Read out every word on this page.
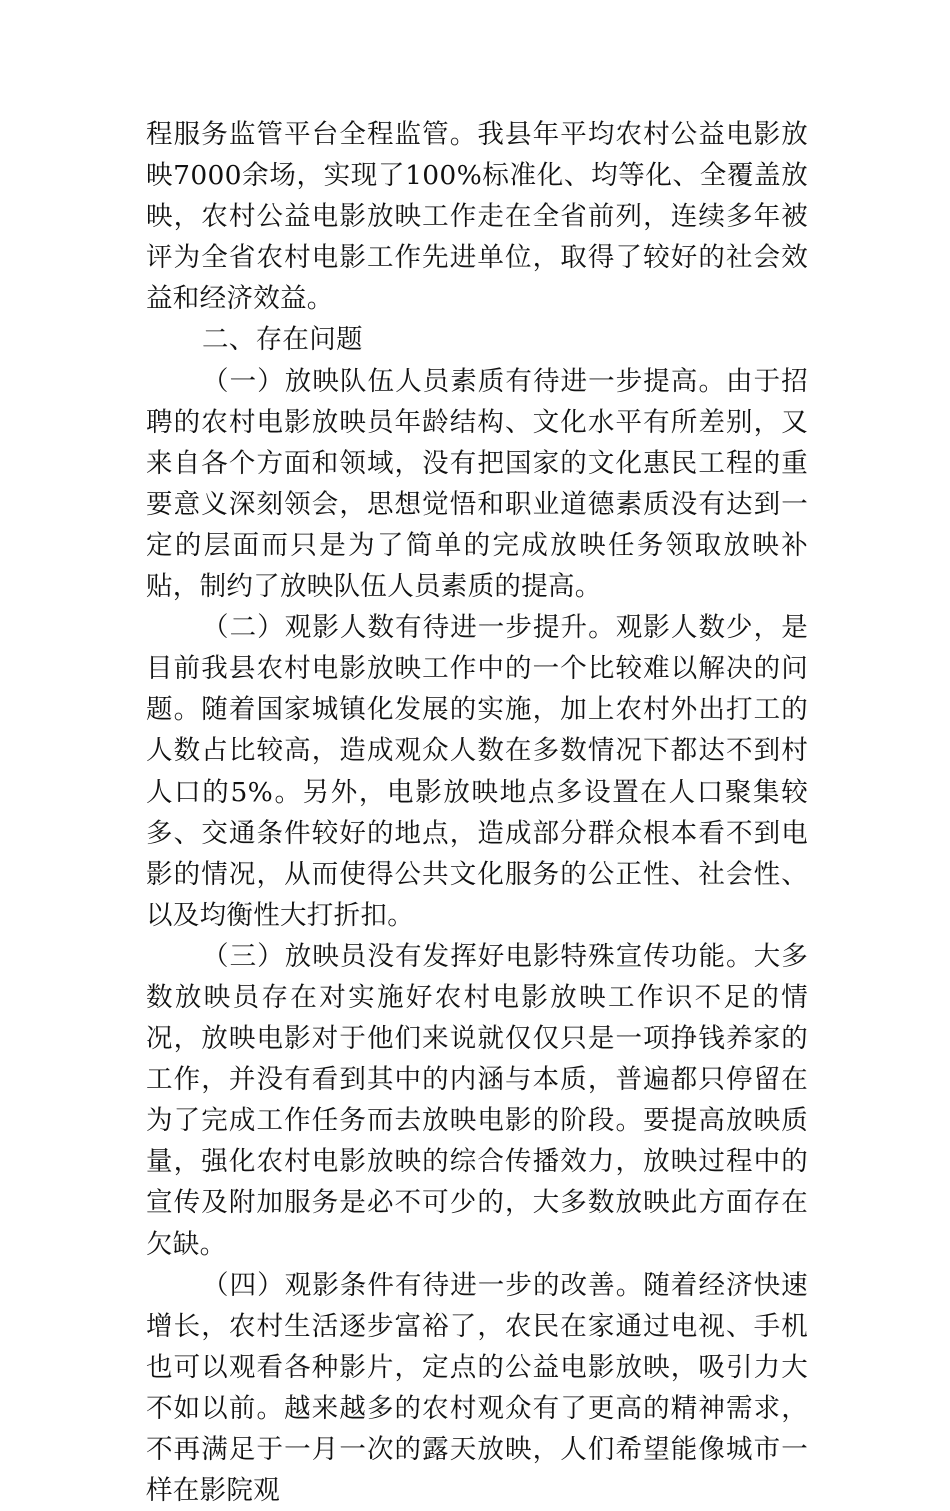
程服务监管平台全程监管。我县年平均农村公益电影放映7000余场，实现了100%标准化、均等化、全覆盖放映，农村公益电影放映工作走在全省前列，连续多年被评为全省农村电影工作先进单位，取得了较好的社会效益和经济效益。

二、存在问题

（一）放映队伍人员素质有待进一步提高。由于招聘的农村电影放映员年龄结构、文化水平有所差别，又来自各个方面和领域，没有把国家的文化惠民工程的重要意义深刻领会，思想觉悟和职业道德素质没有达到一定的层面而只是为了简单的完成放映任务领取放映补贴，制约了放映队伍人员素质的提高。

（二）观影人数有待进一步提升。观影人数少，是目前我县农村电影放映工作中的一个比较难以解决的问题。随着国家城镇化发展的实施，加上农村外出打工的人数占比较高，造成观众人数在多数情况下都达不到村人口的5%。另外，电影放映地点多设置在人口聚集较多、交通条件较好的地点，造成部分群众根本看不到电影的情况，从而使得公共文化服务的公正性、社会性、以及均衡性大打折扣。

（三）放映员没有发挥好电影特殊宣传功能。大多数放映员存在对实施好农村电影放映工作识不足的情况，放映电影对于他们来说就仅仅只是一项挣钱养家的工作，并没有看到其中的内涵与本质，普遍都只停留在为了完成工作任务而去放映电影的阶段。要提高放映质量，强化农村电影放映的综合传播效力，放映过程中的宣传及附加服务是必不可少的，大多数放映此方面存在欠缺。

（四）观影条件有待进一步的改善。随着经济快速增长，农村生活逐步富裕了，农民在家通过电视、手机也可以观看各种影片，定点的公益电影放映，吸引力大不如以前。越来越多的农村观众有了更高的精神需求，不再满足于一月一次的露天放映，人们希望能像城市一样在影院观
